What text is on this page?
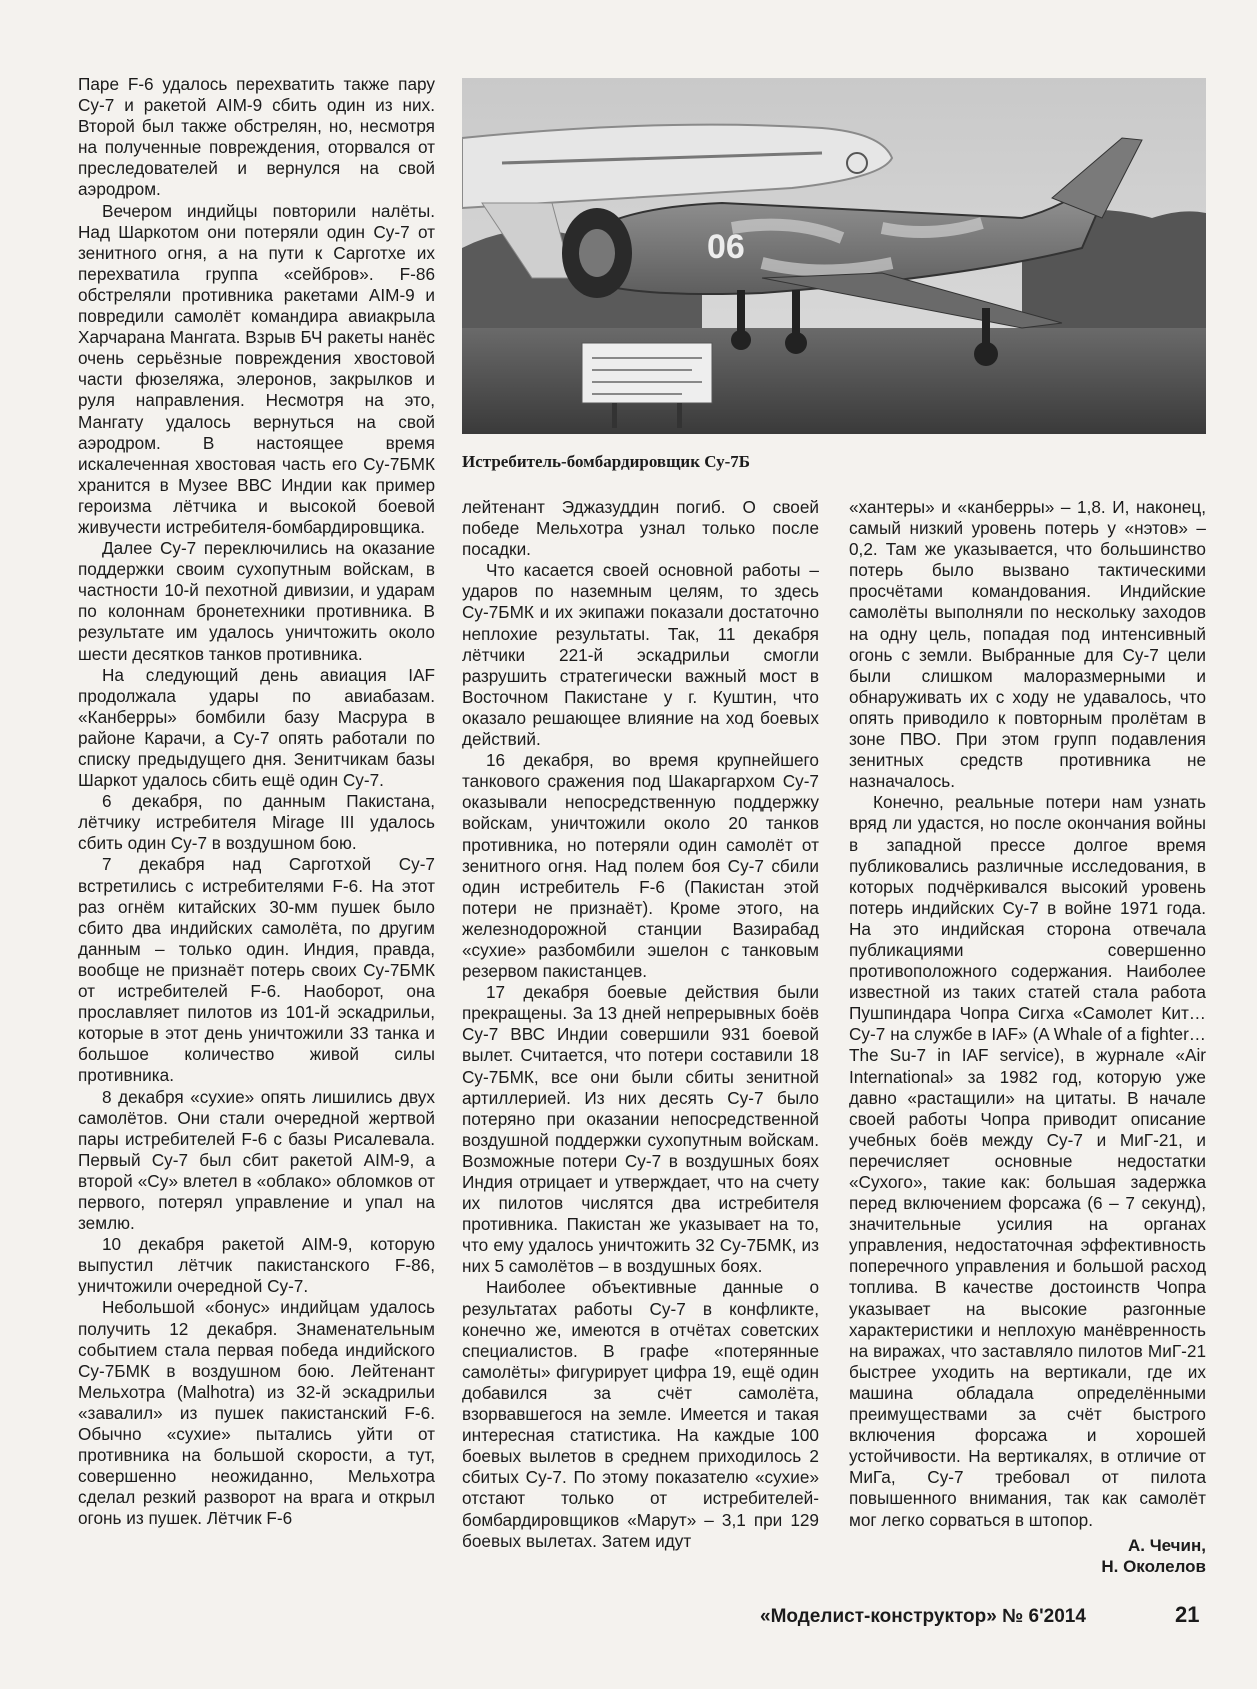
Паре F-6 удалось перехватить также пару Су-7 и ракетой AIM-9 сбить один из них. Второй был также обстрелян, но, несмотря на полученные повреждения, оторвался от преследователей и вернулся на свой аэродром.

Вечером индийцы повторили налёты. Над Шаркотом они потеряли один Су-7 от зенитного огня, а на пути к Сарготхе их перехватила группа «сейбров». F-86 обстреляли противника ракетами AIM-9 и повредили самолёт командира авиакрыла Харчарана Мангата. Взрыв БЧ ракеты нанёс очень серьёзные повреждения хвостовой части фюзеляжа, элеронов, закрылков и руля направления. Несмотря на это, Мангату удалось вернуться на свой аэродром. В настоящее время искалеченная хвостовая часть его Су-7БМК хранится в Музее ВВС Индии как пример героизма лётчика и высокой боевой живучести истребителя-бомбардировщика.

Далее Су-7 переключились на оказание поддержки своим сухопутным войскам, в частности 10-й пехотной дивизии, и ударам по колоннам бронетехники противника. В результате им удалось уничтожить около шести десятков танков противника.

На следующий день авиация IAF продолжала удары по авиабазам. «Канберры» бомбили базу Масрура в районе Карачи, а Су-7 опять работали по списку предыдущего дня. Зенитчикам базы Шаркот удалось сбить ещё один Су-7.

6 декабря, по данным Пакистана, лётчику истребителя Mirage III удалось сбить один Су-7 в воздушном бою.

7 декабря над Сарготхой Су-7 встретились с истребителями F-6. На этот раз огнём китайских 30-мм пушек было сбито два индийских самолёта, по другим данным – только один. Индия, правда, вообще не признаёт потерь своих Су-7БМК от истребителей F-6. Наоборот, она прославляет пилотов из 101-й эскадрильи, которые в этот день уничтожили 33 танка и большое количество живой силы противника.

8 декабря «сухие» опять лишились двух самолётов. Они стали очередной жертвой пары истребителей F-6 с базы Рисалевала. Первый Су-7 был сбит ракетой AIM-9, а второй «Су» влетел в «облако» обломков от первого, потерял управление и упал на землю.

10 декабря ракетой AIM-9, которую выпустил лётчик пакистанского F-86, уничтожили очередной Су-7.

Небольшой «бонус» индийцам удалось получить 12 декабря. Знаменательным событием стала первая победа индийского Су-7БМК в воздушном бою. Лейтенант Мельхотра (Malhotra) из 32-й эскадрильи «завалил» из пушек пакистанский F-6. Обычно «сухие» пытались уйти от противника на большой скорости, а тут, совершенно неожиданно, Мельхотра сделал резкий разворот на врага и открыл огонь из пушек. Лётчик F-6

06
Истребитель-бомбардировщик Су-7Б

лейтенант Эджазуддин погиб. О своей победе Мельхотра узнал только после посадки.

Что касается своей основной работы – ударов по наземным целям, то здесь Су-7БМК и их экипажи показали достаточно неплохие результаты. Так, 11 декабря лётчики 221-й эскадрильи смогли разрушить стратегически важный мост в Восточном Пакистане у г. Куштин, что оказало решающее влияние на ход боевых действий.

16 декабря, во время крупнейшего танкового сражения под Шакаргархом Су-7 оказывали непосредственную поддержку войскам, уничтожили около 20 танков противника, но потеряли один самолёт от зенитного огня. Над полем боя Су-7 сбили один истребитель F-6 (Пакистан этой потери не признаёт). Кроме этого, на железнодорожной станции Вазирабад «сухие» разбомбили эшелон с танковым резервом пакистанцев.

17 декабря боевые действия были прекращены. За 13 дней непрерывных боёв Су-7 ВВС Индии совершили 931 боевой вылет. Считается, что потери составили 18 Су-7БМК, все они были сбиты зенитной артиллерией. Из них десять Су-7 было потеряно при оказании непосредственной воздушной поддержки сухопутным войскам. Возможные потери Су-7 в воздушных боях Индия отрицает и утверждает, что на счету их пилотов числятся два истребителя противника. Пакистан же указывает на то, что ему удалось уничтожить 32 Су-7БМК, из них 5 самолётов – в воздушных боях.

Наиболее объективные данные о результатах работы Су-7 в конфликте, конечно же, имеются в отчётах советских специалистов. В графе «потерянные самолёты» фигурирует цифра 19, ещё один добавился за счёт самолёта, взорвавшегося на земле. Имеется и такая интересная статистика. На каждые 100 боевых вылетов в среднем приходилось 2 сбитых Су-7. По этому показателю «сухие» отстают только от истребителей-бомбардировщиков «Марут» – 3,1 при 129 боевых вылетах. Затем идут

«хантеры» и «канберры» – 1,8. И, наконец, самый низкий уровень потерь у «нэтов» – 0,2. Там же указывается, что большинство потерь было вызвано тактическими просчётами командования. Индийские самолёты выполняли по нескольку заходов на одну цель, попадая под интенсивный огонь с земли. Выбранные для Су-7 цели были слишком малоразмерными и обнаруживать их с ходу не удавалось, что опять приводило к повторным пролётам в зоне ПВО. При этом групп подавления зенитных средств противника не назначалось.

Конечно, реальные потери нам узнать вряд ли удастся, но после окончания войны в западной прессе долгое время публиковались различные исследования, в которых подчёркивался высокий уровень потерь индийских Су-7 в войне 1971 года. На это индийская сторона отвечала публикациями совершенно противоположного содержания. Наиболее известной из таких статей стала работа Пушпиндара Чопра Сигха «Самолет Кит… Су-7 на службе в IAF» (A Whale of a fighter… The Su-7 in IAF service), в журнале «Air International» за 1982 год, которую уже давно «растащили» на цитаты. В начале своей работы Чопра приводит описание учебных боёв между Су-7 и МиГ-21, и перечисляет основные недостатки «Сухого», такие как: большая задержка перед включением форсажа (6 – 7 секунд), значительные усилия на органах управления, недостаточная эффективность поперечного управления и большой расход топлива. В качестве достоинств Чопра указывает на высокие разгонные характеристики и неплохую манёвренность на виражах, что заставляло пилотов МиГ-21 быстрее уходить на вертикали, где их машина обладала определёнными преимуществами за счёт быстрого включения форсажа и хорошей устойчивости. На вертикалях, в отличие от МиГа, Су-7 требовал от пилота повышенного внимания, так как самолёт мог легко сорваться в штопор.

А. Чечин,
Н. Околелов
«Моделист-конструктор» № 6'2014	21
